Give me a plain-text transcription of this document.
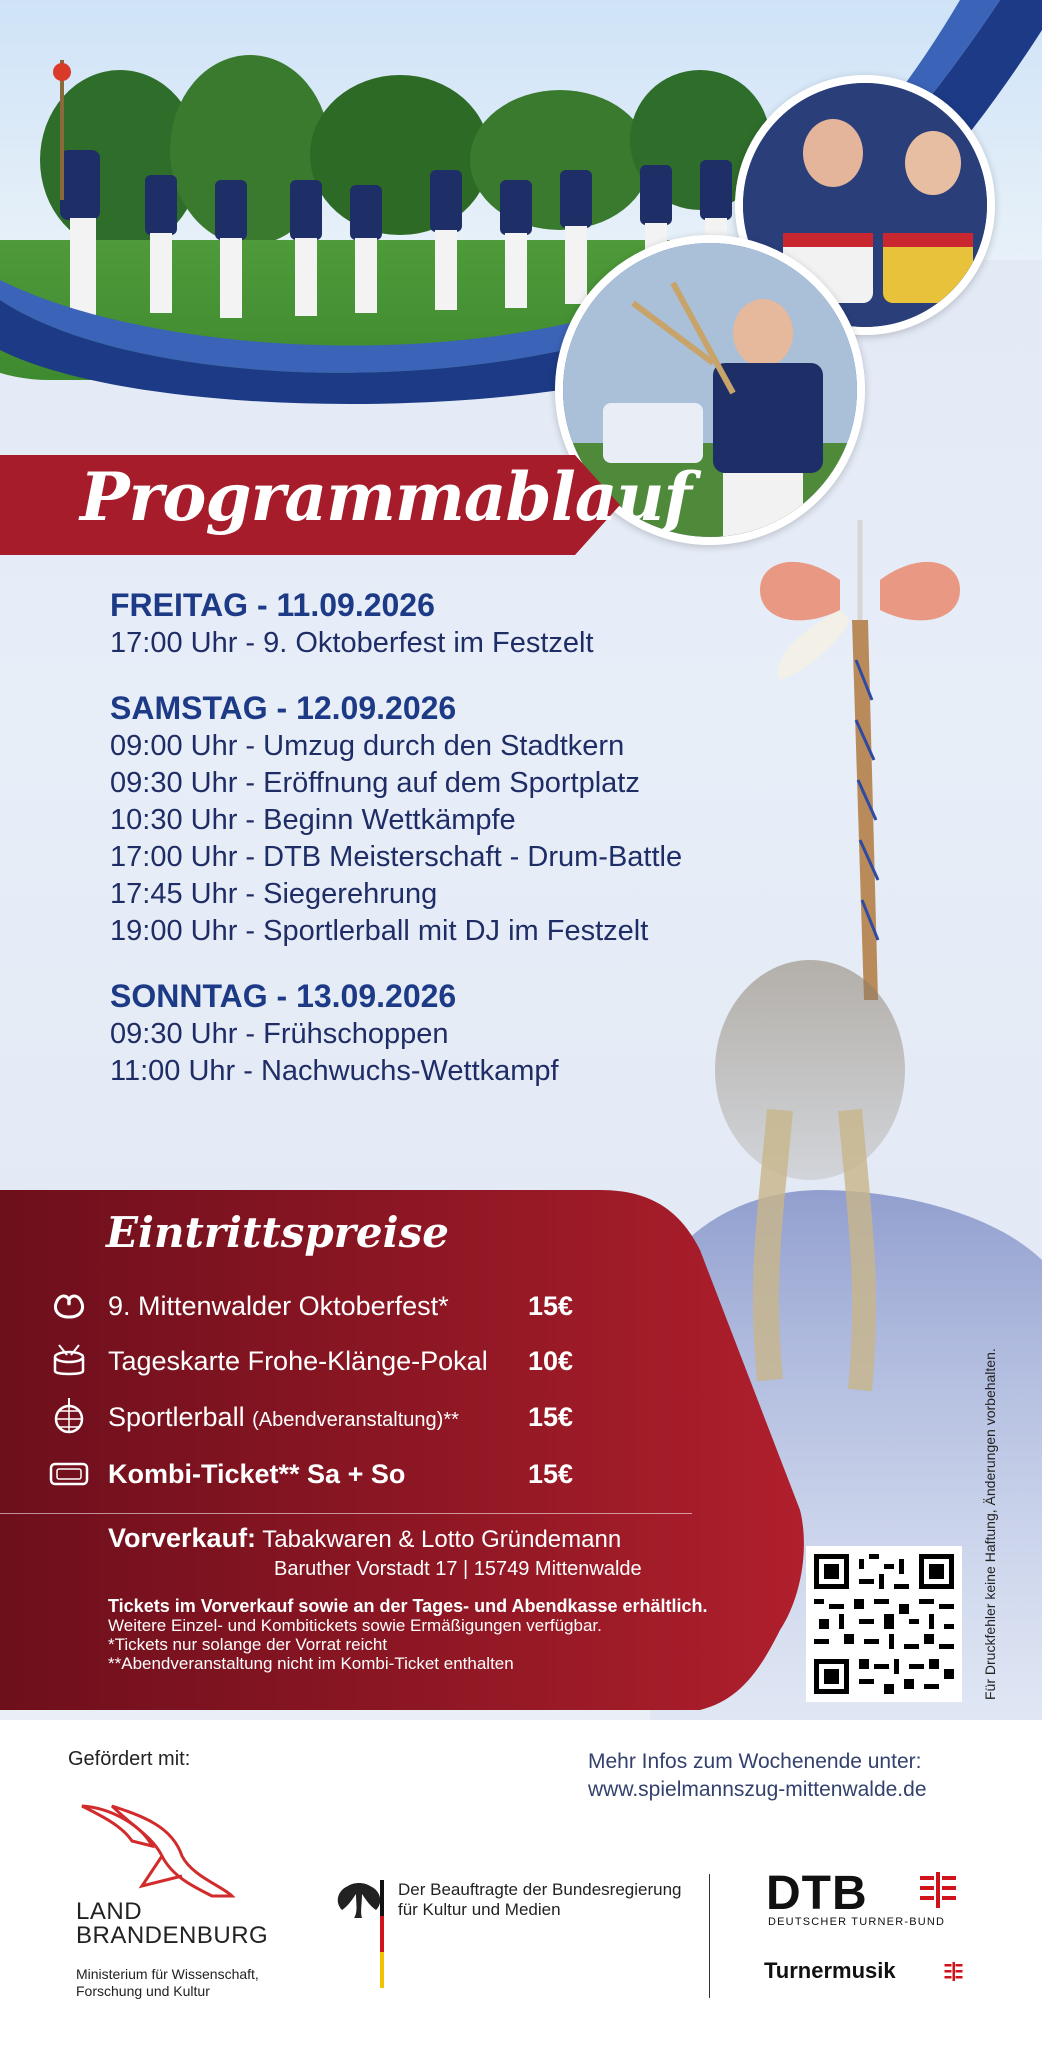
Programmablauf
FREITAG - 11.09.2026
17:00 Uhr - 9. Oktoberfest im Festzelt
SAMSTAG - 12.09.2026
09:00 Uhr - Umzug durch den Stadtkern
09:30 Uhr - Eröffnung auf dem Sportplatz
10:30 Uhr - Beginn Wettkämpfe
17:00 Uhr - DTB Meisterschaft - Drum-Battle
17:45 Uhr - Siegerehrung
19:00 Uhr - Sportlerball mit DJ im Festzelt
SONNTAG - 13.09.2026
09:30 Uhr - Frühschoppen
11:00 Uhr - Nachwuchs-Wettkampf
Eintrittspreise
9. Mittenwalder Oktoberfest*	15€
Tageskarte Frohe-Klänge-Pokal 10€
Sportlerball (Abendveranstaltung)**	15€
Kombi-Ticket** Sa + So	15€
Vorverkauf: Tabakwaren & Lotto Gründemann
Baruther Vorstadt 17 | 15749 Mittenwalde
Tickets im Vorverkauf sowie an der Tages- und Abendkasse erhältlich.
Weitere Einzel- und Kombitickets sowie Ermäßigungen verfügbar.
*Tickets nur solange der Vorrat reicht
**Abendveranstaltung nicht im Kombi-Ticket enthalten	Für Druckfehler keine Haftung, Änderungen vorbehalten.
Gefördert mit:	Mehr Infos zum Wochenende unter:
www.spielmannszug-mittenwalde.de
LAND
BRANDENBURG
Ministerium für Wissenschaft,
Forschung und Kultur
Der Beauftragte der Bundesregierung
für Kultur und Medien	DTB
DEUTSCHER TURNER-BUND
Turnermusik
